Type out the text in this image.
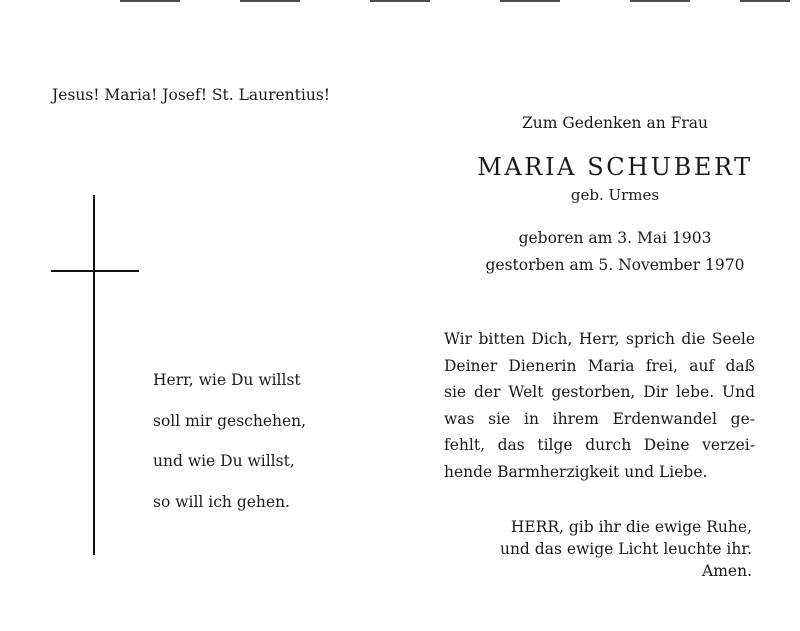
Jesus! Maria! Josef! St. Laurentius!
Zum Gedenken an Frau
MARIA SCHUBERT
geb. Urmes
geboren am 3. Mai 1903
gestorben am 5. November 1970
Herr, wie Du willst
soll mir geschehen,
und wie Du willst,
so will ich gehen.
Wir bitten Dich, Herr, sprich die Seele
Deiner Dienerin Maria frei, auf daß
sie der Welt gestorben, Dir lebe. Und
was sie in ihrem Erdenwandel ge-
fehlt, das tilge durch Deine verzei-
hende Barmherzigkeit und Liebe.
HERR, gib ihr die ewige Ruhe,
und das ewige Licht leuchte ihr.
Amen.
